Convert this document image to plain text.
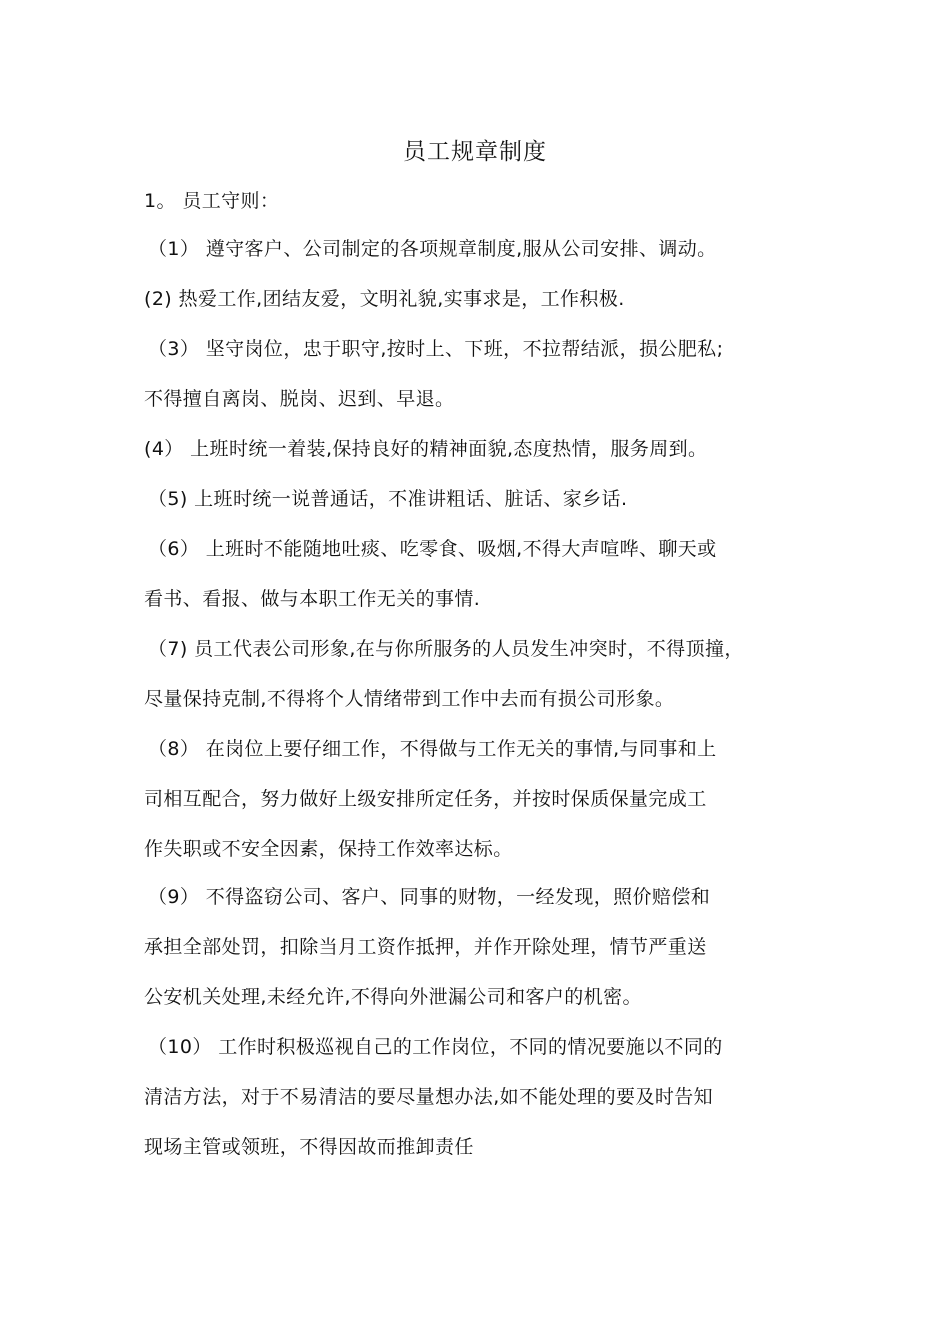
员工规章制度
1。 员工守则：
（1） 遵守客户、公司制定的各项规章制度,服从公司安排、调动。
(2) 热爱工作,团结友爱，文明礼貌,实事求是，工作积极.
（3） 坚守岗位，忠于职守,按时上、下班，不拉帮结派，损公肥私;
不得擅自离岗、脱岗、迟到、早退。
(4） 上班时统一着装,保持良好的精神面貌,态度热情，服务周到。
（5) 上班时统一说普通话，不准讲粗话、脏话、家乡话.
（6） 上班时不能随地吐痰、吃零食、吸烟,不得大声喧哗、聊天或
看书、看报、做与本职工作无关的事情.
（7) 员工代表公司形象,在与你所服务的人员发生冲突时，不得顶撞，
尽量保持克制,不得将个人情绪带到工作中去而有损公司形象。
（8） 在岗位上要仔细工作，不得做与工作无关的事情,与同事和上
司相互配合，努力做好上级安排所定任务，并按时保质保量完成工
作失职或不安全因素，保持工作效率达标。
（9） 不得盗窃公司、客户、同事的财物，一经发现，照价赔偿和
承担全部处罚，扣除当月工资作抵押，并作开除处理，情节严重送
公安机关处理,未经允许,不得向外泄漏公司和客户的机密。
（10） 工作时积极巡视自己的工作岗位，不同的情况要施以不同的
清洁方法，对于不易清洁的要尽量想办法,如不能处理的要及时告知
现场主管或领班，不得因故而推卸责任
